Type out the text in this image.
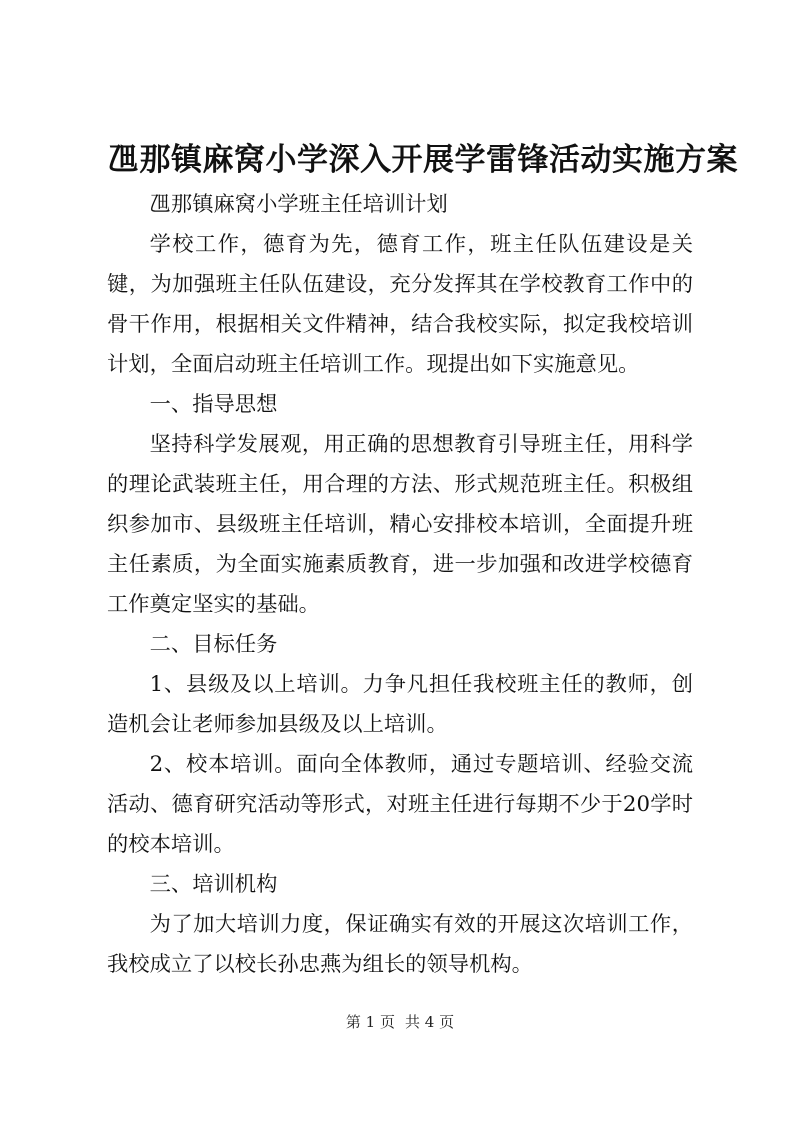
乪那镇麻窝小学深入开展学雷锋活动实施方案

乪那镇麻窝小学班主任培训计划

学校工作，德育为先，德育工作，班主任队伍建设是关键，为加强班主任队伍建设，充分发挥其在学校教育工作中的骨干作用，根据相关文件精神，结合我校实际，拟定我校培训计划，全面启动班主任培训工作。现提出如下实施意见。

一、指导思想

坚持科学发展观，用正确的思想教育引导班主任，用科学的理论武装班主任，用合理的方法、形式规范班主任。积极组织参加市、县级班主任培训，精心安排校本培训，全面提升班主任素质，为全面实施素质教育，进一步加强和改进学校德育工作奠定坚实的基础。

二、目标任务

1、县级及以上培训。力争凡担任我校班主任的教师，创造机会让老师参加县级及以上培训。

2、校本培训。面向全体教师，通过专题培训、经验交流活动、德育研究活动等形式，对班主任进行每期不少于20学时的校本培训。

三、培训机构

为了加大培训力度，保证确实有效的开展这次培训工作，我校成立了以校长孙忠燕为组长的领导机构。

第 1 页 共 4 页
